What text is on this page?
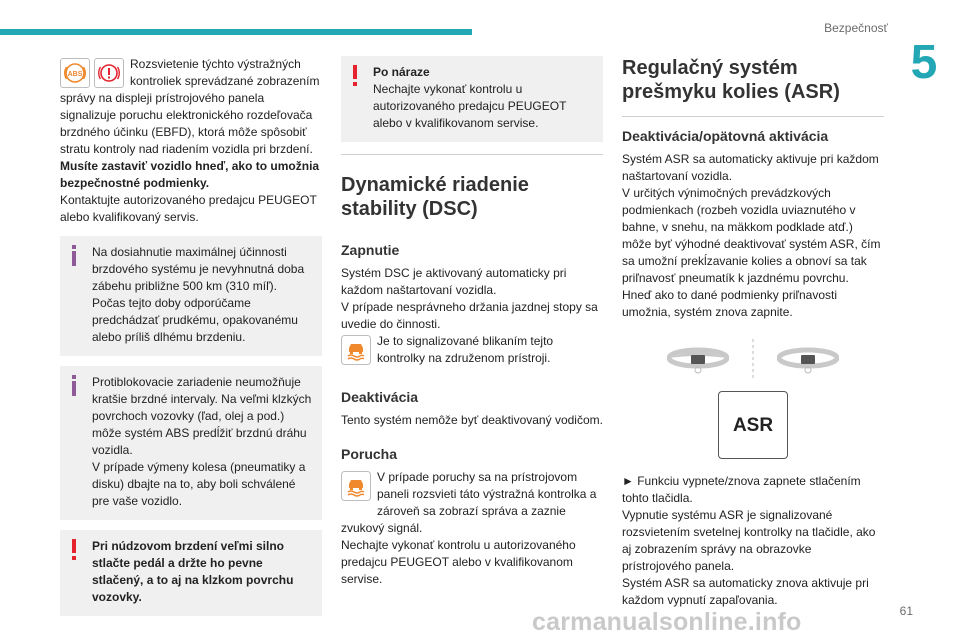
Bezpečnosť
5
(ABS)

Rozsvietenie týchto výstražných kontroliek sprevádzané zobrazením správy na displeji prístrojového panela signalizuje poruchu elektronického rozdeľovača brzdného účinku (EBFD), ktorá môže spôsobiť stratu kontroly nad riadením vozidla pri brzdení.

Musíte zastaviť vozidlo hneď, ako to umožnia bezpečnostné podmienky.

Kontaktujte autorizovaného predajcu PEUGEOT alebo kvalifikovaný servis.

Na dosiahnutie maximálnej účinnosti brzdového systému je nevyhnutná doba zábehu približne 500 km (310 míľ). Počas tejto doby odporúčame predchádzať prudkému, opakovanému alebo príliš dlhému brzdeniu.

Protiblokovacie zariadenie neumožňuje kratšie brzdné intervaly. Na veľmi klzkých povrchoch vozovky (ľad, olej a pod.) môže systém ABS predĺžiť brzdnú dráhu vozidla.

V prípade výmeny kolesa (pneumatiky a disku) dbajte na to, aby boli schválené pre vaše vozidlo.

Pri núdzovom brzdení veľmi silno stlačte pedál a držte ho pevne stlačený, a to aj na klzkom povrchu vozovky.

Po náraze

Nechajte vykonať kontrolu u autorizovaného predajcu PEUGEOT alebo v kvalifikovanom servise.

Dynamické riadenie stability (DSC)
Zapnutie

Systém DSC je aktivovaný automaticky pri každom naštartovaní vozidla.

V prípade nesprávneho držania jazdnej stopy sa uvedie do činnosti.

Je to signalizované blikaním tejto kontrolky na združenom prístroji.

Deaktivácia

Tento systém nemôže byť deaktivovaný vodičom.

Porucha

V prípade poruchy sa na prístrojovom paneli rozsvieti táto výstražná kontrolka a zároveň sa zobrazí správa a zaznie zvukový signál.

Nechajte vykonať kontrolu u autorizovaného predajcu PEUGEOT alebo v kvalifikovanom servise.

Regulačný systém prešmyku kolies (ASR)
Deaktivácia/opätovná aktivácia

Systém ASR sa automaticky aktivuje pri každom naštartovaní vozidla.

V určitých výnimočných prevádzkových podmienkach (rozbeh vozidla uviaznutého v bahne, v snehu, na mäkkom podklade atď.) môže byť výhodné deaktivovať systém ASR, čím sa umožní prekĺzavanie kolies a obnoví sa tak priľnavosť pneumatík k jazdnému povrchu.

Hneď ako to dané podmienky priľnavosti umožnia, systém znova zapnite.

ASR

► Funkciu vypnete/znova zapnete stlačením tohto tlačidla.

Vypnutie systému ASR je signalizované rozsvietením svetelnej kontrolky na tlačidle, ako aj zobrazením správy na obrazovke prístrojového panela.

Systém ASR sa automaticky znova aktivuje pri každom vypnutí zapaľovania.

carmanualsonline.info	61
